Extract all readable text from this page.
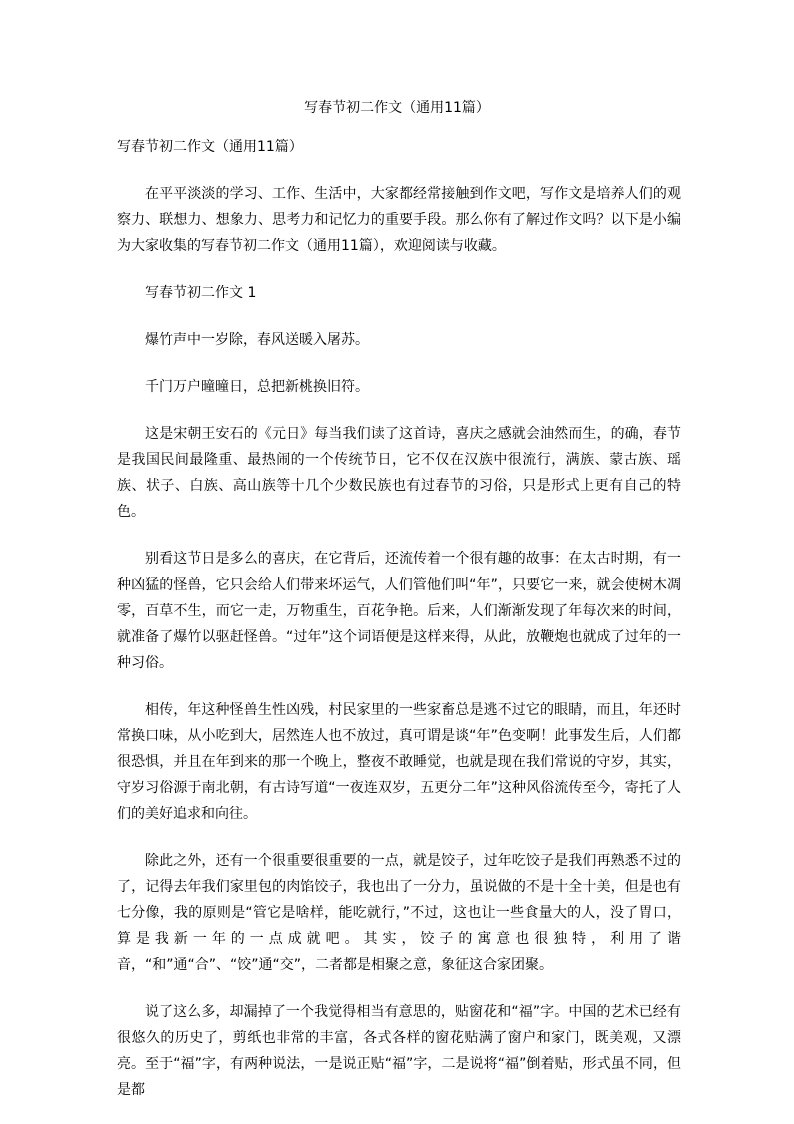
写春节初二作文（通用11篇）

写春节初二作文（通用11篇）

在平平淡淡的学习、工作、生活中，大家都经常接触到作文吧，写作文是培养人们的观察力、联想力、想象力、思考力和记忆力的重要手段。那么你有了解过作文吗？以下是小编为大家收集的写春节初二作文（通用11篇），欢迎阅读与收藏。

写春节初二作文 1

爆竹声中一岁除，春风送暖入屠苏。

千门万户曈曈日，总把新桃换旧符。

这是宋朝王安石的《元日》每当我们读了这首诗，喜庆之感就会油然而生，的确，春节是我国民间最隆重、最热闹的一个传统节日，它不仅在汉族中很流行，满族、蒙古族、瑶族、状子、白族、高山族等十几个少数民族也有过春节的习俗，只是形式上更有自己的特色。

别看这节日是多么的喜庆，在它背后，还流传着一个很有趣的故事：在太古时期，有一种凶猛的怪兽，它只会给人们带来坏运气，人们管他们叫“年”，只要它一来，就会使树木凋零，百草不生，而它一走，万物重生，百花争艳。后来，人们渐渐发现了年每次来的时间，就准备了爆竹以驱赶怪兽。“过年”这个词语便是这样来得，从此，放鞭炮也就成了过年的一种习俗。

相传，年这种怪兽生性凶残，村民家里的一些家畜总是逃不过它的眼睛，而且，年还时常换口味，从小吃到大，居然连人也不放过，真可谓是谈“年”色变啊！此事发生后，人们都很恐惧，并且在年到来的那一个晚上，整夜不敢睡觉，也就是现在我们常说的守岁，其实，守岁习俗源于南北朝，有古诗写道“一夜连双岁，五更分二年”这种风俗流传至今，寄托了人们的美好追求和向往。

除此之外，还有一个很重要很重要的一点，就是饺子，过年吃饺子是我们再熟悉不过的了，记得去年我们家里包的肉馅饺子，我也出了一分力，虽说做的不是十全十美，但是也有七分像，我的原则是“管它是啥样，能吃就行，”不过，这也让一些食量大的人，没了胃口，算是我新一年的一点成就吧。其实，饺子的寓意也很独特，利用了谐音，“和”通“合”、“饺”通“交”，二者都是相聚之意，象征这合家团聚。

说了这么多，却漏掉了一个我觉得相当有意思的，贴窗花和“福”字。中国的艺术已经有很悠久的历史了，剪纸也非常的丰富，各式各样的窗花贴满了窗户和家门，既美观，又漂亮。至于“福”字，有两种说法，一是说正贴“福”字，二是说将“福”倒着贴，形式虽不同，但是都
